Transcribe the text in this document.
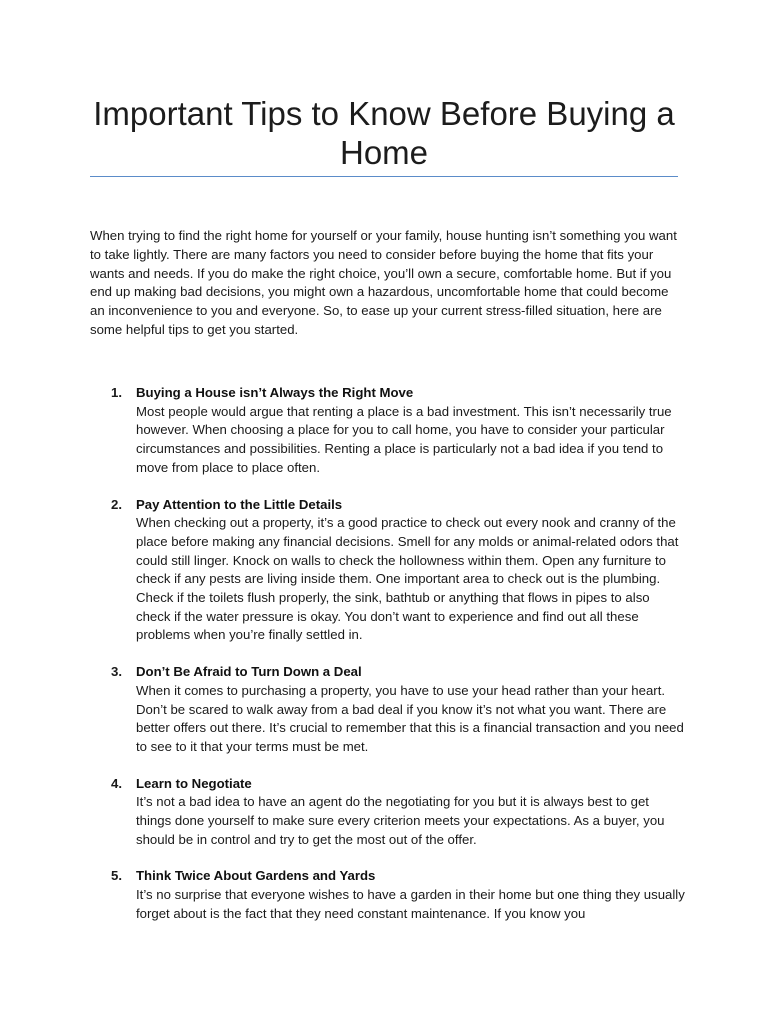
Important Tips to Know Before Buying a Home

When trying to find the right home for yourself or your family, house hunting isn’t something you want to take lightly. There are many factors you need to consider before buying the home that fits your wants and needs. If you do make the right choice, you’ll own a secure, comfortable home. But if you end up making bad decisions, you might own a hazardous, uncomfortable home that could become an inconvenience to you and everyone. So, to ease up your current stress-filled situation, here are some helpful tips to get you started.

1. Buying a House isn’t Always the Right Move
Most people would argue that renting a place is a bad investment. This isn’t necessarily true however. When choosing a place for you to call home, you have to consider your particular circumstances and possibilities. Renting a place is particularly not a bad idea if you tend to move from place to place often.
2. Pay Attention to the Little Details
When checking out a property, it’s a good practice to check out every nook and cranny of the place before making any financial decisions. Smell for any molds or animal-related odors that could still linger. Knock on walls to check the hollowness within them. Open any furniture to check if any pests are living inside them. One important area to check out is the plumbing. Check if the toilets flush properly, the sink, bathtub or anything that flows in pipes to also check if the water pressure is okay. You don’t want to experience and find out all these problems when you’re finally settled in.
3. Don’t Be Afraid to Turn Down a Deal
When it comes to purchasing a property, you have to use your head rather than your heart. Don’t be scared to walk away from a bad deal if you know it’s not what you want. There are better offers out there. It’s crucial to remember that this is a financial transaction and you need to see to it that your terms must be met.
4. Learn to Negotiate
It’s not a bad idea to have an agent do the negotiating for you but it is always best to get things done yourself to make sure every criterion meets your expectations. As a buyer, you should be in control and try to get the most out of the offer.
5. Think Twice About Gardens and Yards
It’s no surprise that everyone wishes to have a garden in their home but one thing they usually forget about is the fact that they need constant maintenance. If you know you
